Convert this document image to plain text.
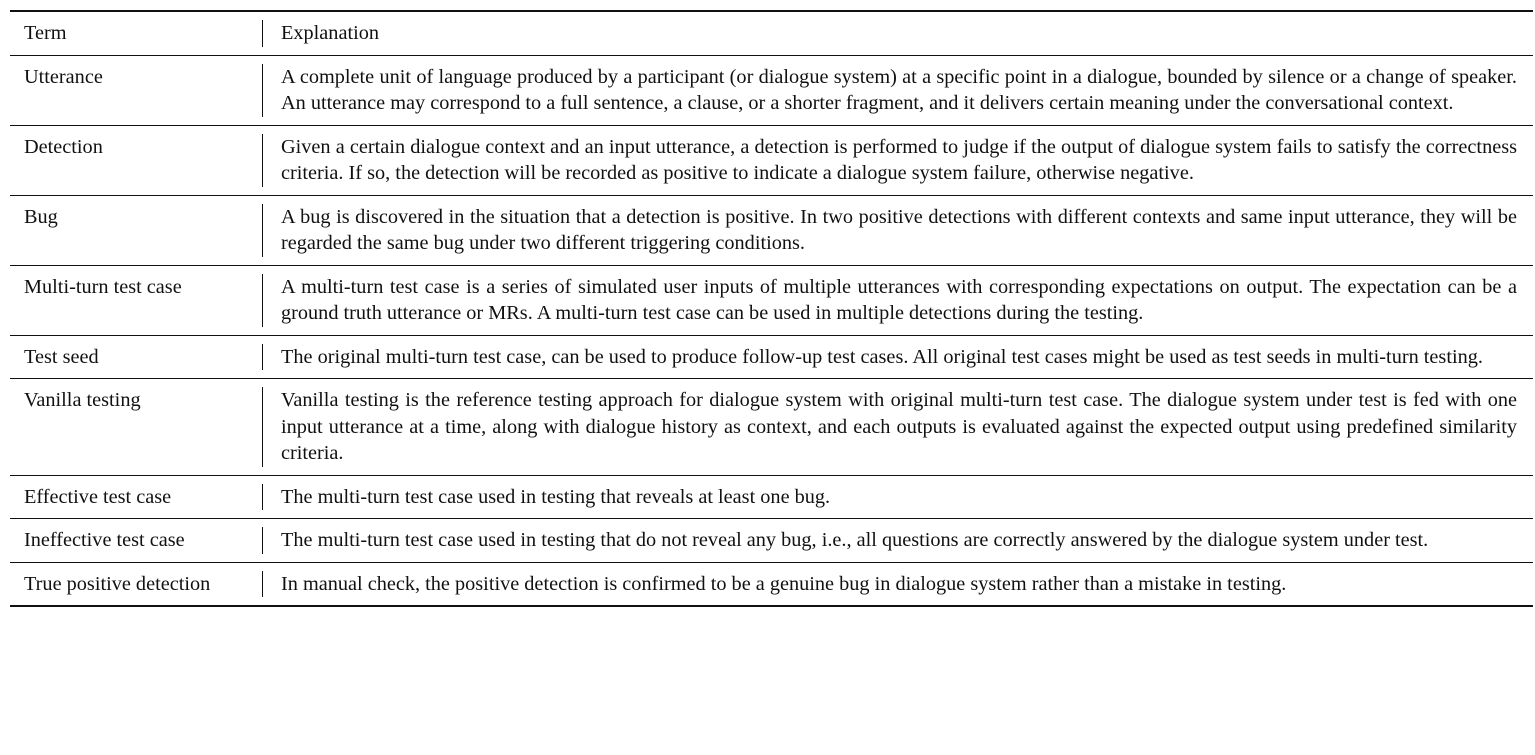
Term	Explanation

Utterance	A complete unit of language produced by a participant (or dialogue system) at a specific point in a dialogue, bounded by silence or a change of speaker. An utterance may correspond to a full sentence, a clause, or a shorter fragment, and it delivers certain meaning under the conversational context.

Detection	Given a certain dialogue context and an input utterance, a detection is performed to judge if the output of dialogue system fails to satisfy the correctness criteria. If so, the detection will be recorded as positive to indicate a dialogue system failure, otherwise negative.

Bug	A bug is discovered in the situation that a detection is positive. In two positive detections with different contexts and same input utterance, they will be regarded the same bug under two different triggering conditions.

Multi-turn test case	A multi-turn test case is a series of simulated user inputs of multiple utterances with corresponding expectations on output. The expectation can be a ground truth utterance or MRs. A multi-turn test case can be used in multiple detections during the testing.

Test seed	The original multi-turn test case, can be used to produce follow-up test cases. All original test cases might be used as test seeds in multi-turn testing.

Vanilla testing	Vanilla testing is the reference testing approach for dialogue system with original multi-turn test case. The dialogue system under test is fed with one input utterance at a time, along with dialogue history as context, and each outputs is evaluated against the expected output using predefined similarity criteria.

Effective test case	The multi-turn test case used in testing that reveals at least one bug.

Ineffective test case	The multi-turn test case used in testing that do not reveal any bug, i.e., all questions are correctly answered by the dialogue system under test.

True positive detection	In manual check, the positive detection is confirmed to be a genuine bug in dialogue system rather than a mistake in testing.
